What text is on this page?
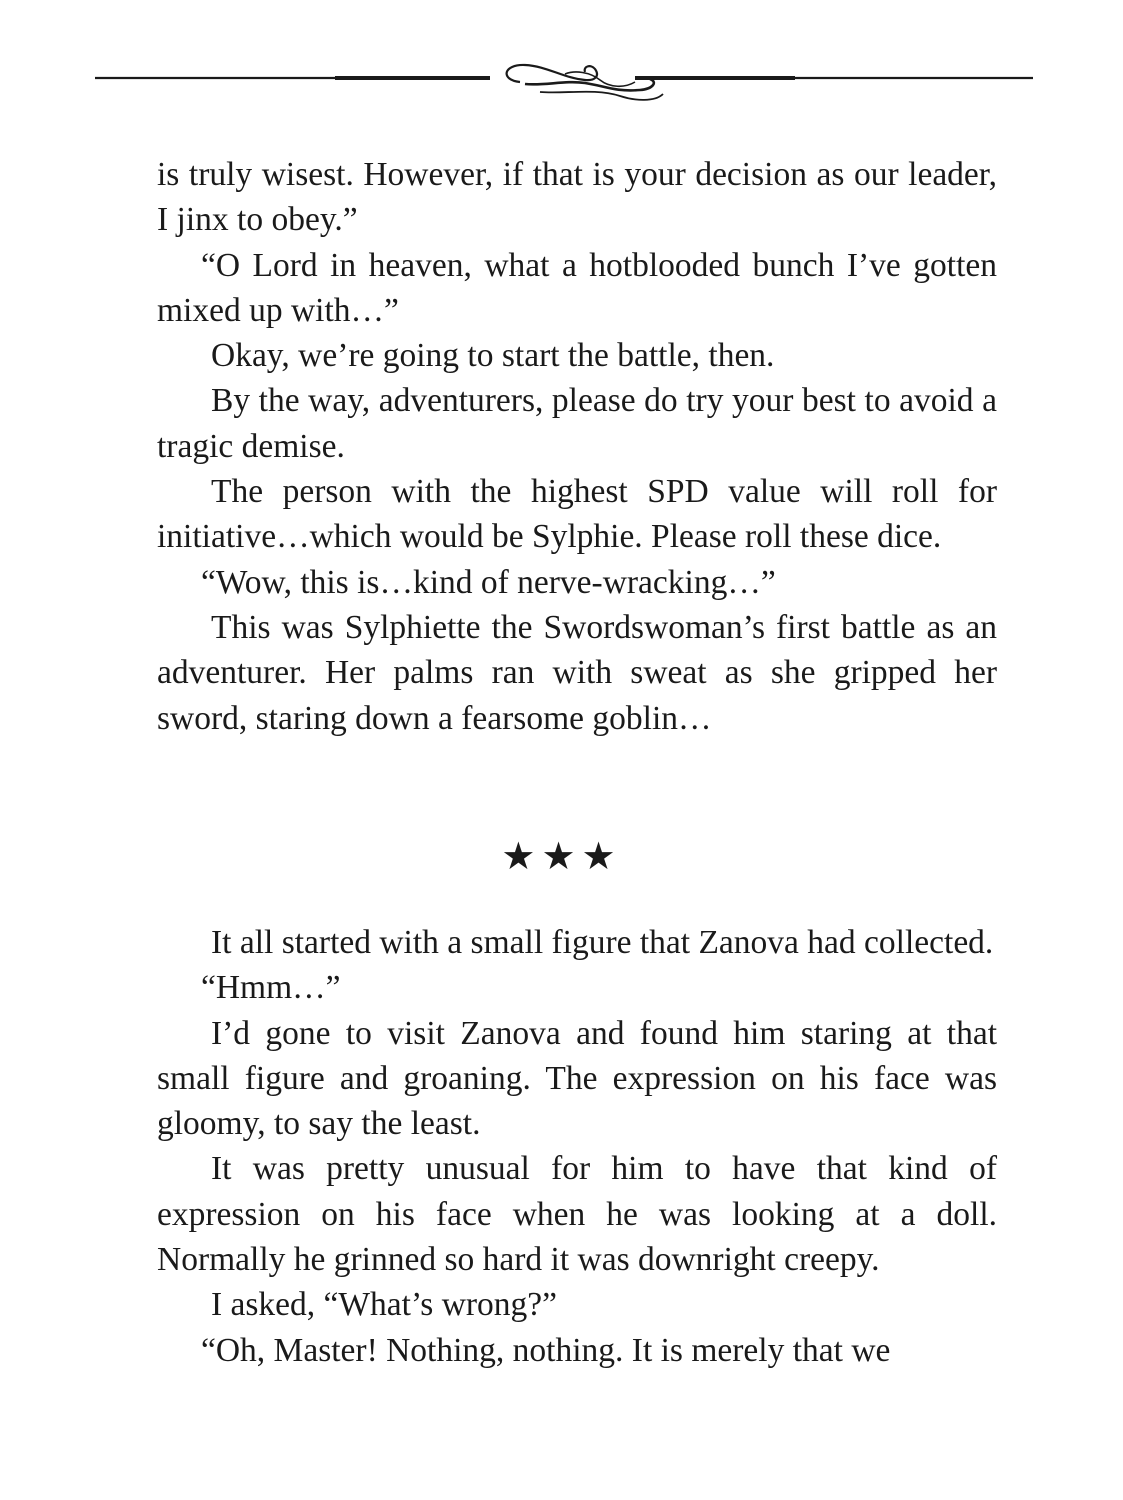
is truly wisest. However, if that is your decision as our leader, I jinx to obey.”

“O Lord in heaven, what a hotblooded bunch I’ve gotten mixed up with…”

Okay, we’re going to start the battle, then.

By the way, adventurers, please do try your best to avoid a tragic demise.

The person with the highest SPD value will roll for initiative…which would be Sylphie. Please roll these dice.

“Wow, this is…kind of nerve-wracking…”

This was Sylphiette the Swordswoman’s first battle as an adventurer. Her palms ran with sweat as she gripped her sword, staring down a fearsome goblin…

★★★

It all started with a small figure that Zanova had collected.

“Hmm…”

I’d gone to visit Zanova and found him staring at that small figure and groaning. The expression on his face was gloomy, to say the least.

It was pretty unusual for him to have that kind of expression on his face when he was looking at a doll. Normally he grinned so hard it was downright creepy.

I asked, “What’s wrong?”

“Oh, Master! Nothing, nothing. It is merely that we
